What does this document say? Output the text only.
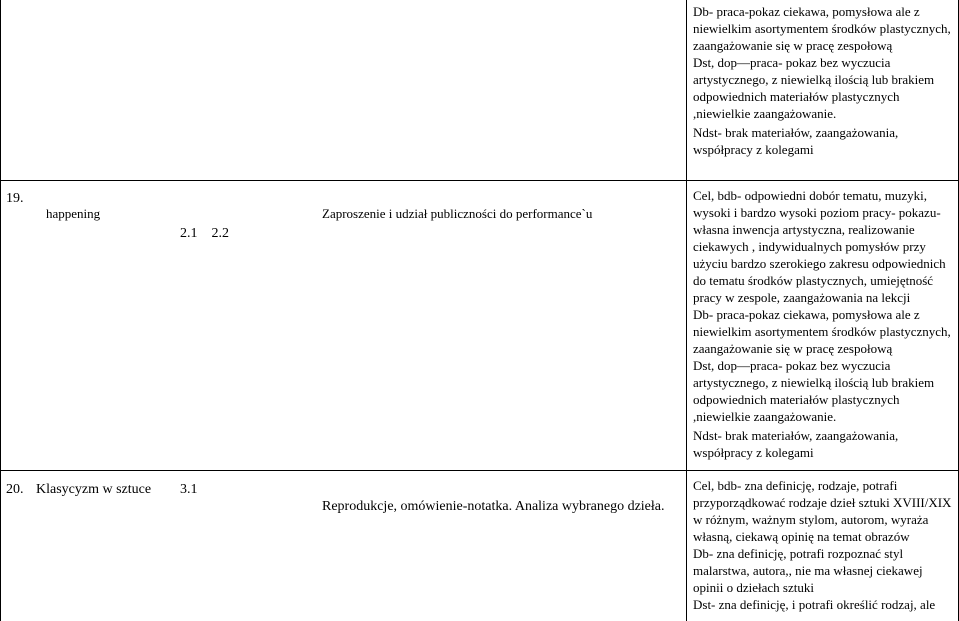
Db- praca-pokaz ciekawa, pomysłowa ale z niewielkim asortymentem środków plastycznych, zaangażowanie się w pracę zespołową

Dst, dop—praca- pokaz bez wyczucia artystycznego, z niewielką ilością lub brakiem odpowiednich materiałów plastycznych ,niewielkie zaangażowanie.

Ndst- brak materiałów, zaangażowania, współpracy z kolegami

19.
happening
2.1    2.2
Zaproszenie i udział publiczności do performance`u

Cel, bdb- odpowiedni dobór tematu, muzyki, wysoki i bardzo wysoki poziom pracy- pokazu- własna inwencja artystyczna, realizowanie ciekawych , indywidualnych pomysłów przy użyciu bardzo szerokiego zakresu odpowiednich do tematu środków plastycznych, umiejętność pracy w zespole, zaangażowania na lekcji

Db- praca-pokaz ciekawa, pomysłowa ale z niewielkim asortymentem środków plastycznych, zaangażowanie się w pracę zespołową

Dst, dop—praca- pokaz bez wyczucia artystycznego, z niewielką ilością lub brakiem odpowiednich materiałów plastycznych ,niewielkie zaangażowanie.

Ndst- brak materiałów, zaangażowania, współpracy z kolegami

20. Klasycyzm w sztuce 3.1
Reprodukcje, omówienie-notatka. Analiza wybranego dzieła.

Cel, bdb- zna definicję, rodzaje, potrafi przyporządkować rodzaje dzieł sztuki XVIII/XIX w różnym, ważnym stylom, autorom, wyraża własną, ciekawą opinię na temat obrazów

Db- zna definicję, potrafi rozpoznać styl malarstwa, autora,, nie ma własnej ciekawej opinii o dziełach sztuki

Dst- zna definicję, i potrafi określić rodzaj, ale
